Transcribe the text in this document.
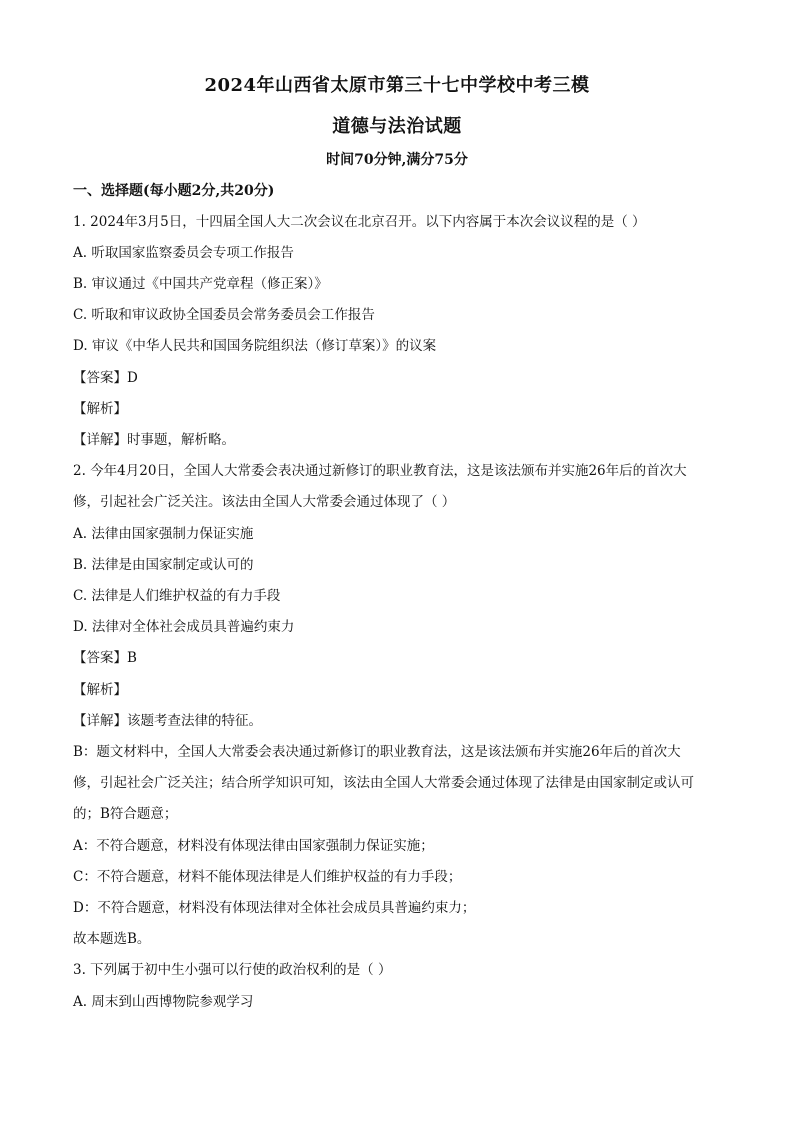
2024年山西省太原市第三十七中学校中考三模
道德与法治试题
时间70分钟,满分75分
一、选择题(每小题2分,共20分)
1. 2024年3月5日，十四届全国人大二次会议在北京召开。以下内容属于本次会议议程的是（ ）
A. 听取国家监察委员会专项工作报告
B. 审议通过《中国共产党章程（修正案）》
C. 听取和审议政协全国委员会常务委员会工作报告
D. 审议《中华人民共和国国务院组织法（修订草案）》的议案
【答案】D
【解析】
【详解】时事题，解析略。
2. 今年4月20日，全国人大常委会表决通过新修订的职业教育法，这是该法颁布并实施26年后的首次大
修，引起社会广泛关注。该法由全国人大常委会通过体现了（ ）
A. 法律由国家强制力保证实施
B. 法律是由国家制定或认可的
C. 法律是人们维护权益的有力手段
D. 法律对全体社会成员具普遍约束力
【答案】B
【解析】
【详解】该题考查法律的特征。
B：题文材料中，全国人大常委会表决通过新修订的职业教育法，这是该法颁布并实施26年后的首次大
修，引起社会广泛关注；结合所学知识可知，该法由全国人大常委会通过体现了法律是由国家制定或认可
的；B符合题意；
A：不符合题意，材料没有体现法律由国家强制力保证实施；
C：不符合题意，材料不能体现法律是人们维护权益的有力手段；
D：不符合题意，材料没有体现法律对全体社会成员具普遍约束力；
故本题选B。
3. 下列属于初中生小强可以行使的政治权利的是（ ）
A. 周末到山西博物院参观学习
